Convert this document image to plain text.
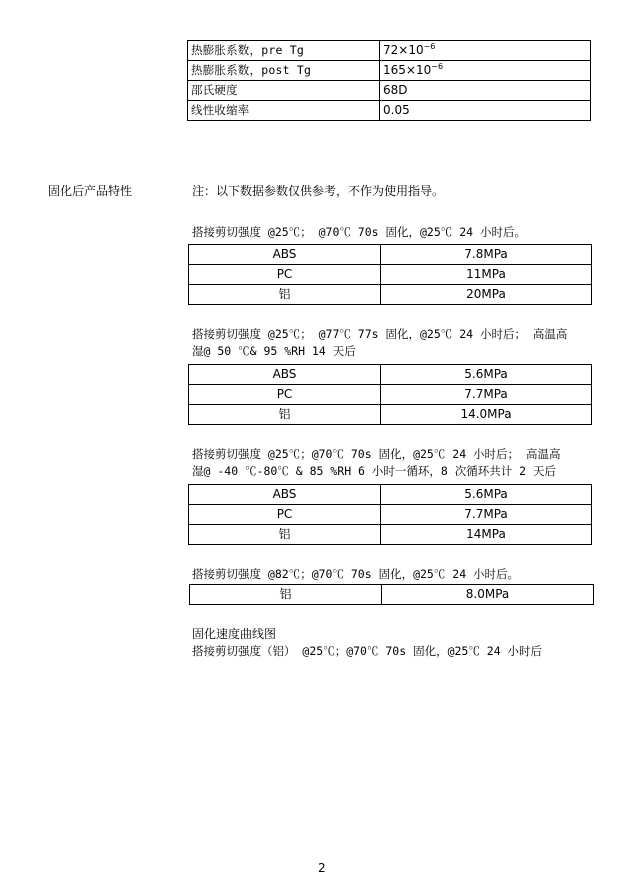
热膨胀系数，pre Tg	$72\times 10^{-6}$
热膨胀系数，post Tg	$165\times 10^{-6}$
邵氏硬度	68D
线性收缩率	0.05
固化后产品特性	注：以下数据参数仅供参考，不作为使用指导。
搭接剪切强度 @25℃； @70℃ 70s 固化，@25℃ 24 小时后。
ABS	7.8MPa
PC	11MPa
铝	20MPa
搭接剪切强度 @25℃； @77℃ 77s 固化，@25℃ 24 小时后； 高温高
湿@ 50 ℃& 95 %RH 14 天后
ABS	5.6MPa
PC	7.7MPa
铝	14.0MPa
搭接剪切强度 @25℃；@70℃ 70s 固化，@25℃ 24 小时后； 高温高
湿@ -40 ℃-80℃ & 85 %RH 6 小时一循环，8 次循环共计 2 天后
ABS	5.6MPa
PC	7.7MPa
铝	14MPa
搭接剪切强度 @82℃；@70℃ 70s 固化，@25℃ 24 小时后。
铝	8.0MPa
固化速度曲线图
搭接剪切强度（铝） @25℃；@70℃ 70s 固化，@25℃ 24 小时后
2
